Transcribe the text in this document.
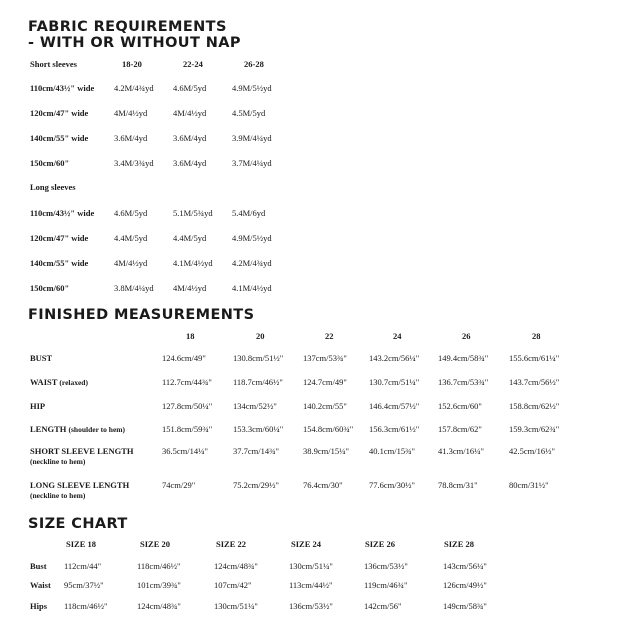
FABRIC REQUIREMENTS
- WITH OR WITHOUT NAP
Short sleeves	18-20	22-24	26-28
110cm/43½" wide 4.2M/4¾yd 4.6M/5yd	4.9M/5½yd
120cm/47" wide	4M/4½yd	4M/4½yd	4.5M/5yd
140cm/55" wide	3.6M/4yd	3.6M/4yd	3.9M/4¼yd
150cm/60"	3.4M/3¾yd 3.6M/4yd	3.7M/4¼yd
Long sleeves
110cm/43½" wide 4.6M/5yd	5.1M/5¾yd 5.4M/6yd
120cm/47" wide	4.4M/5yd	4.4M/5yd	4.9M/5½yd
140cm/55" wide	4M/4½yd	4.1M/4½yd 4.2M/4¾yd
150cm/60"	3.8M/4¼yd 4M/4½yd	4.1M/4½yd
FINISHED MEASUREMENTS
18	20	22	24	26	28
BUST	124.6cm/49"	130.8cm/51½" 137cm/53¾"	143.2cm/56¼" 149.4cm/58¾" 155.6cm/61¼"
WAIST (relaxed)	112.7cm/44¾" 118.7cm/46½" 124.7cm/49"	130.7cm/51¼" 136.7cm/53¾" 143.7cm/56½"
HIP	127.8cm/50¼" 134cm/52½"	140.2cm/55"	146.4cm/57½" 152.6cm/60"	158.8cm/62½"
LENGTH (shoulder to hem)	151.8cm/59¾" 153.3cm/60¼" 154.8cm/60¾" 156.3cm/61½" 157.8cm/62"	159.3cm/62¾"
SHORT SLEEVE LENGTH
(neckline to hem)
36.5cm/14¼"	37.7cm/14¾"	38.9cm/15¼" 40.1cm/15¾"	41.3cm/16¼"	42.5cm/16½"
LONG SLEEVE LENGTH
(neckline to hem)
74cm/29"	75.2cm/29½"	76.4cm/30"	77.6cm/30½"	78.8cm/31"	80cm/31½"
SIZE CHART
SIZE 18	SIZE 20	SIZE 22	SIZE 24	SIZE 26	SIZE 28
Bust 112cm/44"	118cm/46½"	124cm/48¾"	130cm/51¼"	136cm/53½"	143cm/56¼"
Waist 95cm/37½"	101cm/39¾"	107cm/42"	113cm/44½"	119cm/46¾"	126cm/49½"
Hips 118cm/46½"	124cm/48¾"	130cm/51¼"	136cm/53½"	142cm/56"	149cm/58¾"
